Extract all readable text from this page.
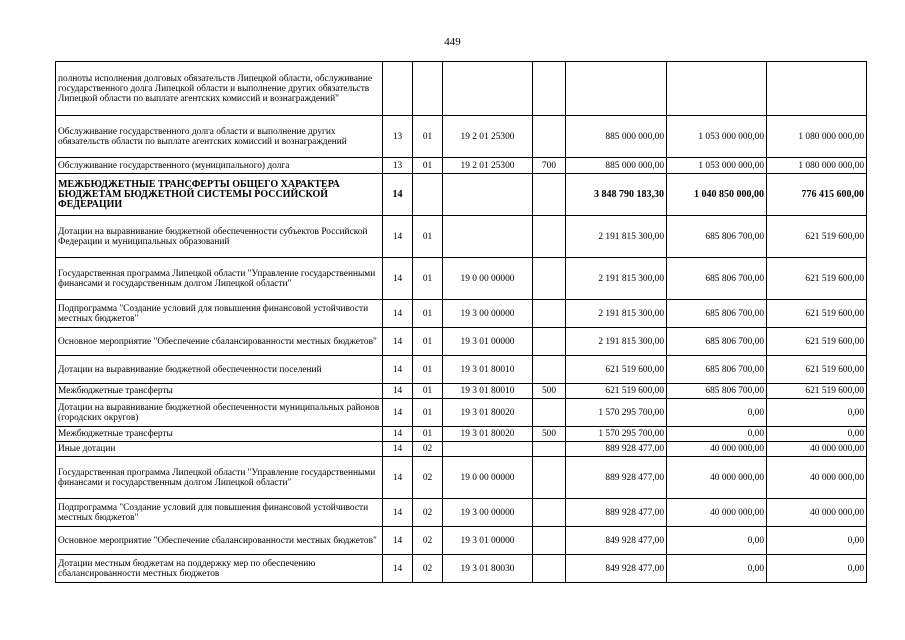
449
полноты исполнения долговых обязательств Липецкой области, обслуживание государственного долга Липецкой области и выполнение других обязательств Липецкой области по выплате агентских комиссий и вознаграждений"							
Обслуживание государственного долга области и выполнение других обязательств области по выплате агентских комиссий и вознаграждений	13	01	19 2 01 25300		885 000 000,00	1 053 000 000,00	1 080 000 000,00
Обслуживание государственного (муниципального) долга	13	01	19 2 01 25300	700	885 000 000,00	1 053 000 000,00	1 080 000 000,00
МЕЖБЮДЖЕТНЫЕ ТРАНСФЕРТЫ ОБЩЕГО ХАРАКТЕРА БЮДЖЕТАМ БЮДЖЕТНОЙ СИСТЕМЫ РОССИЙСКОЙ ФЕДЕРАЦИИ	14				3 848 790 183,30	1 040 850 000,00	776 415 600,00
Дотации на выравнивание бюджетной обеспеченности субъектов Российской Федерации и муниципальных образований	14	01			2 191 815 300,00	685 806 700,00	621 519 600,00
Государственная программа Липецкой области "Управление государственными финансами и государственным долгом Липецкой области"	14	01	19 0 00 00000		2 191 815 300,00	685 806 700,00	621 519 600,00
Подпрограмма "Создание условий для повышения финансовой устойчивости местных бюджетов"	14	01	19 3 00 00000		2 191 815 300,00	685 806 700,00	621 519 600,00
Основное мероприятие "Обеспечение сбалансированности местных бюджетов"	14	01	19 3 01 00000		2 191 815 300,00	685 806 700,00	621 519 600,00
Дотации на выравнивание бюджетной обеспеченности поселений	14	01	19 3 01 80010		621 519 600,00	685 806 700,00	621 519 600,00
Межбюджетные трансферты	14	01	19 3 01 80010	500	621 519 600,00	685 806 700,00	621 519 600,00
Дотации на выравнивание бюджетной обеспеченности муниципальных районов (городских округов)	14	01	19 3 01 80020		1 570 295 700,00	0,00	0,00
Межбюджетные трансферты	14	01	19 3 01 80020	500	1 570 295 700,00	0,00	0,00
Иные дотации	14	02			889 928 477,00	40 000 000,00	40 000 000,00
Государственная программа Липецкой области "Управление государственными финансами и государственным долгом Липецкой области"	14	02	19 0 00 00000		889 928 477,00	40 000 000,00	40 000 000,00
Подпрограмма "Создание условий для повышения финансовой устойчивости местных бюджетов"	14	02	19 3 00 00000		889 928 477,00	40 000 000,00	40 000 000,00
Основное мероприятие "Обеспечение сбалансированности местных бюджетов"	14	02	19 3 01 00000		849 928 477,00	0,00	0,00
Дотации местным бюджетам на поддержку мер по обеспечению сбалансированности местных бюджетов	14	02	19 3 01 80030		849 928 477,00	0,00	0,00
